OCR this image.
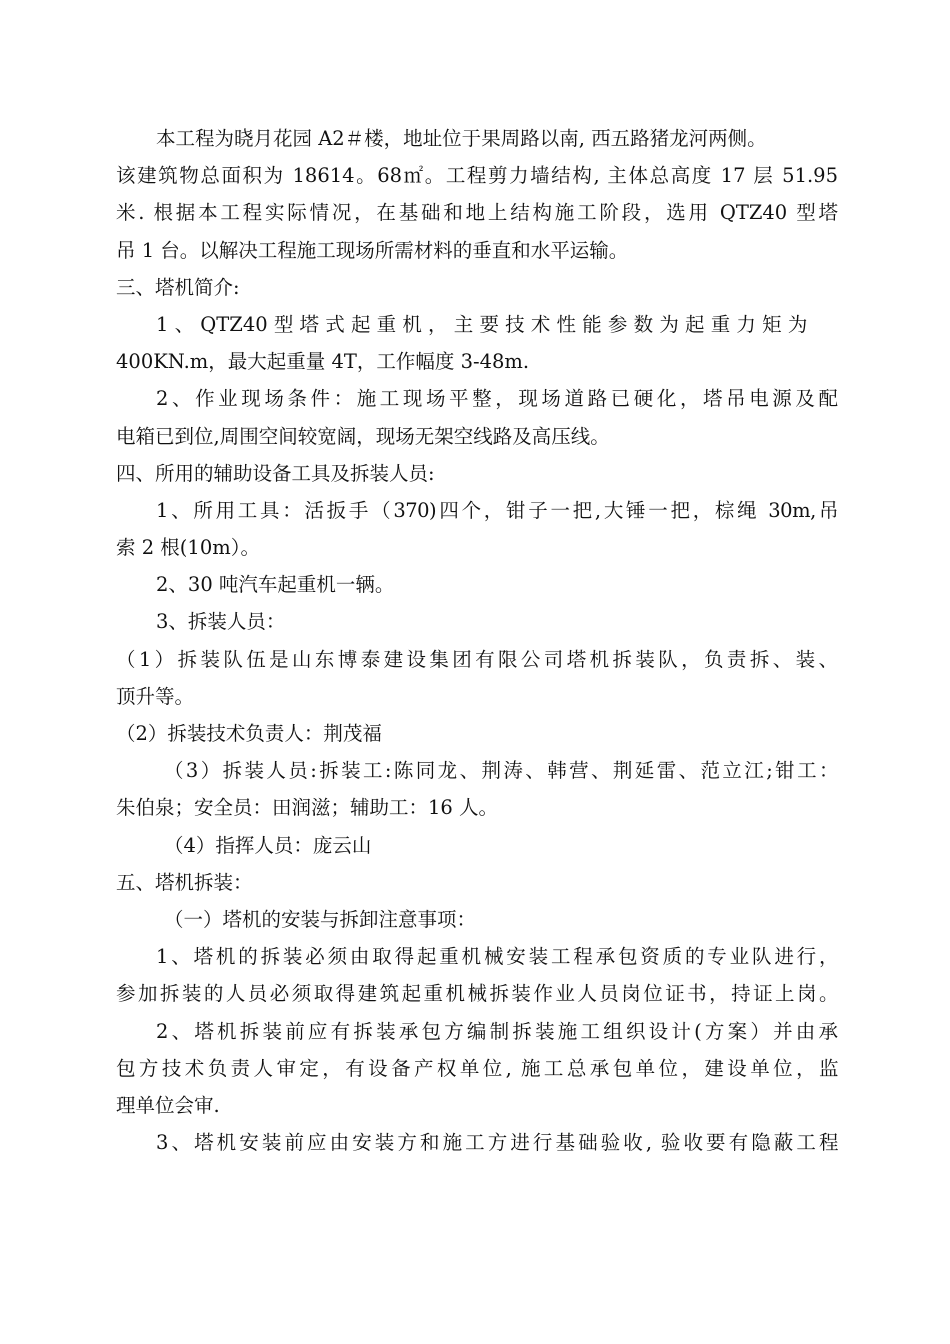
本工程为晓月花园 A2＃楼，地址位于果周路以南, 西五路猪龙河两侧。
该建筑物总面积为 18614。68㎡。工程剪力墙结构, 主体总高度 17 层 51.95
米. 根据本工程实际情况，在基础和地上结构施工阶段，选用 QTZ40 型塔
吊 1 台。以解决工程施工现场所需材料的垂直和水平运输。
三、塔机简介:
1 、 QTZ40 型 塔 式 起 重 机 ， 主 要 技 术 性 能 参 数 为 起 重 力 矩 为
400KN.m，最大起重量 4T，工作幅度 3-48m.
2、作业现场条件：施工现场平整，现场道路已硬化，塔吊电源及配
电箱已到位,周围空间较宽阔，现场无架空线路及高压线。
四、所用的辅助设备工具及拆装人员:
1、所用工具：活扳手（370)四个，钳子一把,大锤一把，棕绳 30m,吊
索 2 根(10m）。
2、30 吨汽车起重机一辆。
3、拆装人员：
（1）拆装队伍是山东博泰建设集团有限公司塔机拆装队，负责拆、装、
顶升等。
（2）拆装技术负责人：荆茂福
（3）拆装人员:拆装工:陈同龙、荆涛、韩营、荆延雷、范立江;钳工：
朱伯泉；安全员：田润滋；辅助工：16 人。
（4）指挥人员：庞云山
五、塔机拆装：
（一）塔机的安装与拆卸注意事项：
1、塔机的拆装必须由取得起重机械安装工程承包资质的专业队进行，
参加拆装的人员必须取得建筑起重机械拆装作业人员岗位证书，持证上岗。
2、塔机拆装前应有拆装承包方编制拆装施工组织设计(方案）并由承
包方技术负责人审定，有设备产权单位, 施工总承包单位，建设单位，监
理单位会审.
3、塔机安装前应由安装方和施工方进行基础验收, 验收要有隐蔽工程
